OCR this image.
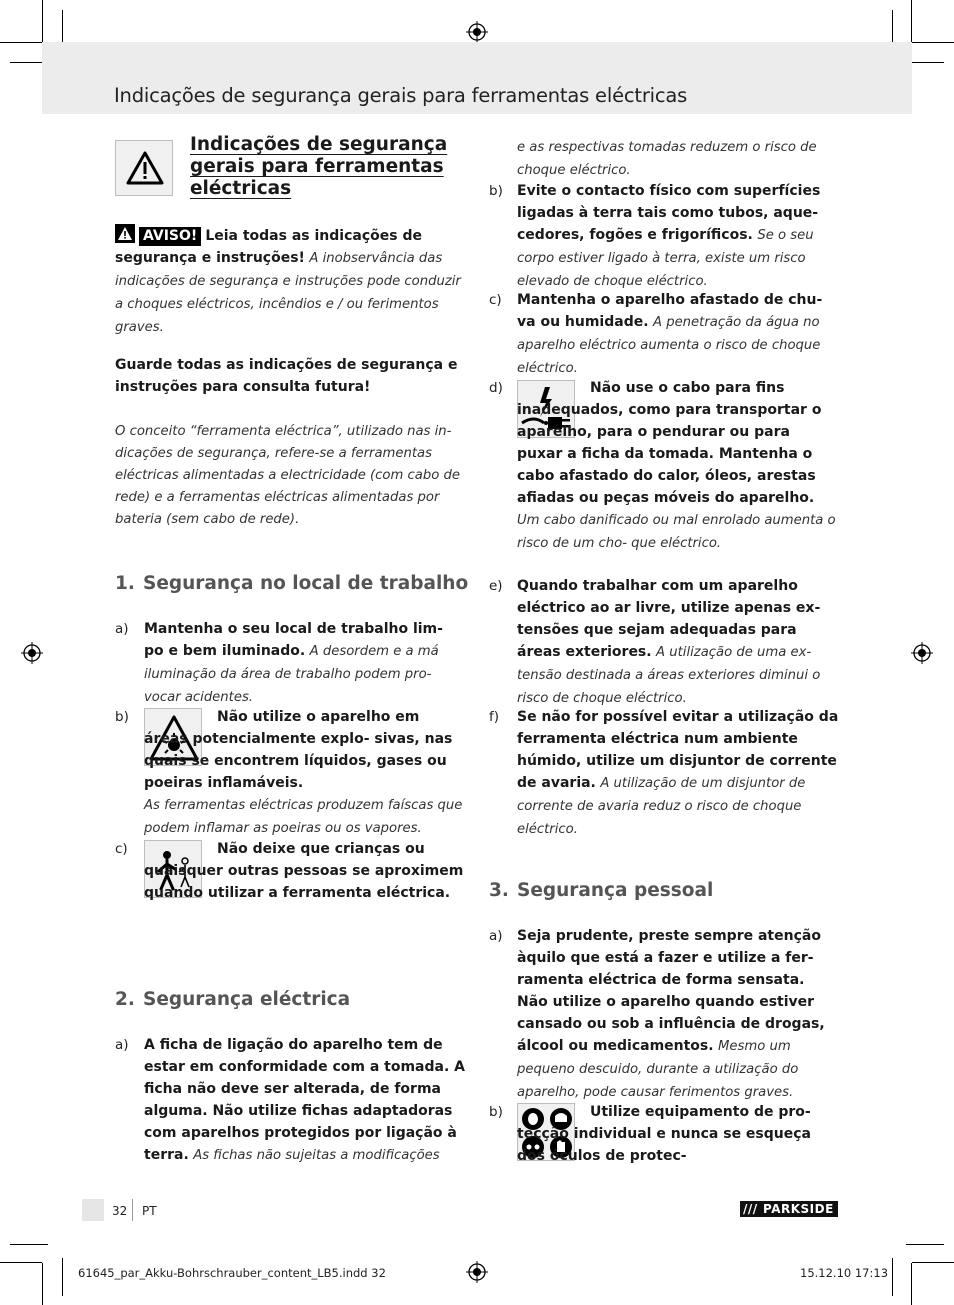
Indicações de segurança gerais para ferramentas eléctricas
Indicações de segurança gerais para ferramentas eléctricas

AVISO! Leia todas as indicações de segurança e instruções! A inobservância das indicações de segurança e instruções pode conduzir a choques eléctricos, incêndios e / ou ferimentos graves.

Guarde todas as indicações de segurança e instruções para consulta futura!
O conceito “ferramenta eléctrica”, utilizado nas in- dicações de segurança, refere-se a ferramentas eléctricas alimentadas a electricidade (com cabo de rede) e a ferramentas eléctricas alimentadas por bateria (sem cabo de rede).
1. Segurança no local de trabalho
a) Mantenha o seu local de trabalho lim- po e bem iluminado. A desordem e a má iluminação da área de trabalho podem pro- vocar acidentes.
b)	Não utilize o aparelho em áreas potencialmente explo- sivas, nas quais se encontrem líquidos, gases ou poeiras inflamáveis.
As ferramentas eléctricas produzem faíscas que podem inflamar as poeiras ou os vapores.
c)	Não deixe que crianças ou quaisquer outras pessoas se aproximem quando utilizar a ferramenta eléctrica.
2. Segurança eléctrica
a) A ficha de ligação do aparelho tem de estar em conformidade com a tomada. A ficha não deve ser alterada, de forma alguma. Não utilize fichas adaptadoras com aparelhos protegidos por ligação à terra. As fichas não sujeitas a modificações
e as respectivas tomadas reduzem o risco de choque eléctrico.
b) Evite o contacto físico com superfícies ligadas à terra tais como tubos, aque- cedores, fogões e frigoríficos. Se o seu corpo estiver ligado à terra, existe um risco elevado de choque eléctrico.
c) Mantenha o aparelho afastado de chu- va ou humidade. A penetração da água no aparelho eléctrico aumenta o risco de choque eléctrico.
d)	Não use o cabo para fins inadequados, como para transportar o aparelho, para o pendurar ou para puxar a ficha da tomada. Mantenha o cabo afastado do calor, óleos, arestas afiadas ou peças móveis do aparelho. Um cabo danificado ou mal enrolado aumenta o risco de um cho- que eléctrico.
e) Quando trabalhar com um aparelho eléctrico ao ar livre, utilize apenas ex- tensões que sejam adequadas para áreas exteriores. A utilização de uma ex- tensão destinada a áreas exteriores diminui o risco de choque eléctrico.
f) Se não for possível evitar a utilização da ferramenta eléctrica num ambiente húmido, utilize um disjuntor de corrente de avaria. A utilização de um disjuntor de corrente de avaria reduz o risco de choque eléctrico.
3. Segurança pessoal
a) Seja prudente, preste sempre atenção àquilo que está a fazer e utilize a fer- ramenta eléctrica de forma sensata. Não utilize o aparelho quando estiver cansado ou sob a influência de drogas, álcool ou medicamentos. Mesmo um pequeno descuido, durante a utilização do aparelho, pode causar ferimentos graves.
b)	Utilize equipamento de pro- tecção individual e nunca se esqueça dos óculos de protec-
32 PT	/// PARKSIDE
61645_par_Akku-Bohrschrauber_content_LB5.indd 32	15.12.10 17:13
